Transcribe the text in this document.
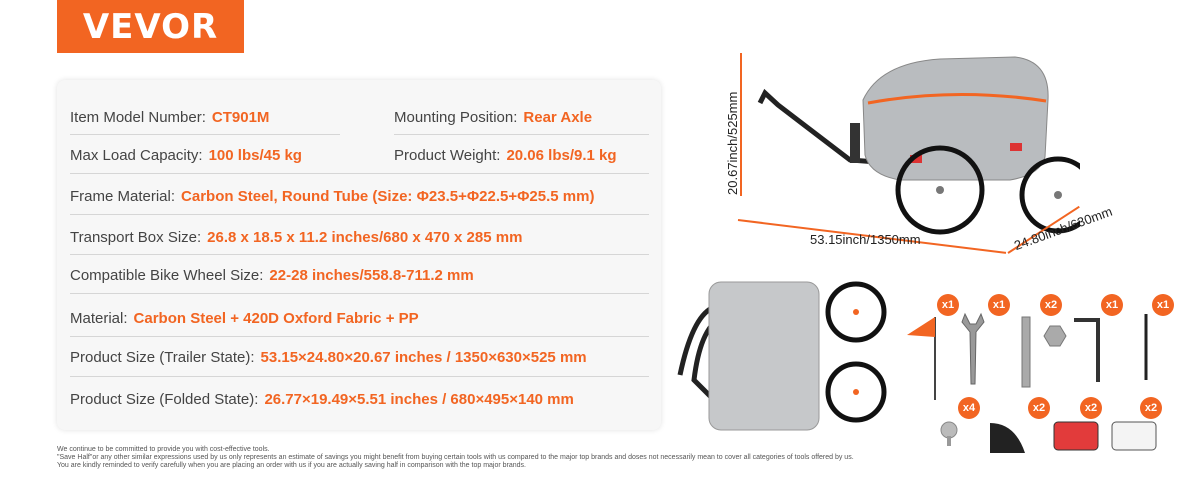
VEVOR
Item Model Number: CT901M	Mounting Position: Rear Axle
Max Load Capacity: 100 lbs/45 kg	Product Weight: 20.06 lbs/9.1 kg
Frame Material: Carbon Steel, Round Tube (Size: Φ23.5+Φ22.5+Φ25.5 mm)
Transport Box Size: 26.8 x 18.5 x 11.2 inches/680 x 470 x 285 mm
Compatible Bike Wheel Size: 22-28 inches/558.8-711.2 mm
Material: Carbon Steel + 420D Oxford Fabric + PP
Product Size (Trailer State): 53.15×24.80×20.67 inches / 1350×630×525 mm
Product Size (Folded State): 26.77×19.49×5.51 inches / 680×495×140 mm
20.67inch/525mm
53.15inch/1350mm	24.80inch/630mm
x1	x1	x2	x1	x1
x4	x2	x2	x2
We continue to be committed to provide you with cost-effective tools.
"Save Half"or any other similar expressions used by us only represents an estimate of savings you might benefit from buying certain tools with us compared to the major top brands and doses not necessarily mean to cover all categories of tools offered by us.
You are kindly reminded to verify carefully when you are placing an order with us if you are actually saving half in comparison with the top major brands.
